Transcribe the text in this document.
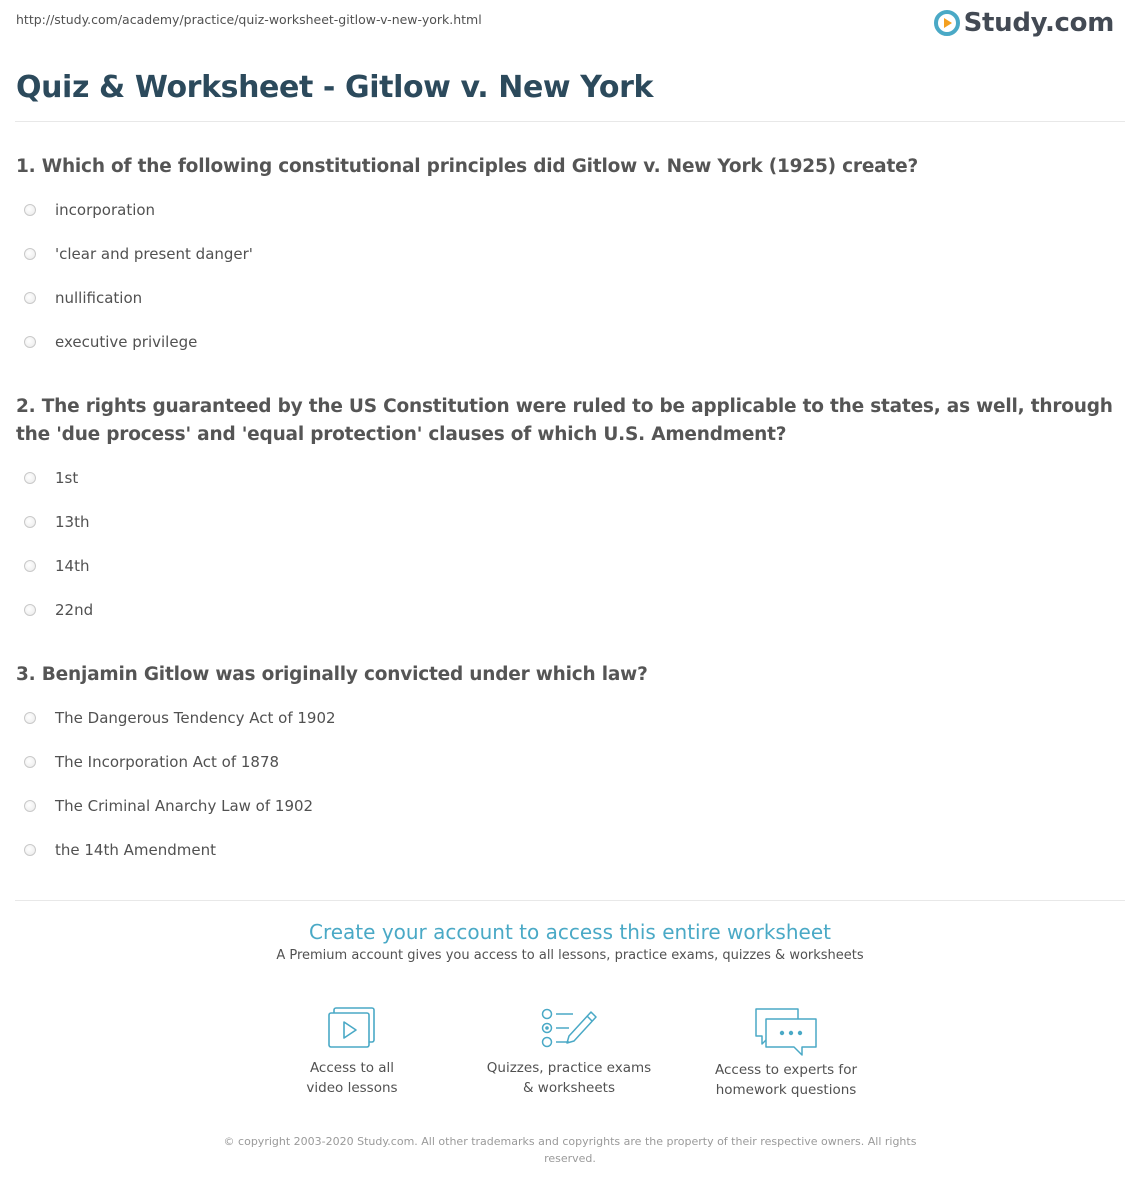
http://study.com/academy/practice/quiz-worksheet-gitlow-v-new-york.html	Study.com
Quiz & Worksheet - Gitlow v. New York
1. Which of the following constitutional principles did Gitlow v. New York (1925) create?
incorporation
'clear and present danger'
nullification
executive privilege
2. The rights guaranteed by the US Constitution were ruled to be applicable to the states, as well, through the 'due process' and 'equal protection' clauses of which U.S. Amendment?
1st
13th
14th
22nd
3. Benjamin Gitlow was originally convicted under which law?
The Dangerous Tendency Act of 1902
The Incorporation Act of 1878
The Criminal Anarchy Law of 1902
the 14th Amendment
Create your account to access this entire worksheet
A Premium account gives you access to all lessons, practice exams, quizzes & worksheets
Access to all
video lessons
Quizzes, practice exams
& worksheets
Access to experts for
homework questions
© copyright 2003-2020 Study.com. All other trademarks and copyrights are the property of their respective owners. All rights reserved.
